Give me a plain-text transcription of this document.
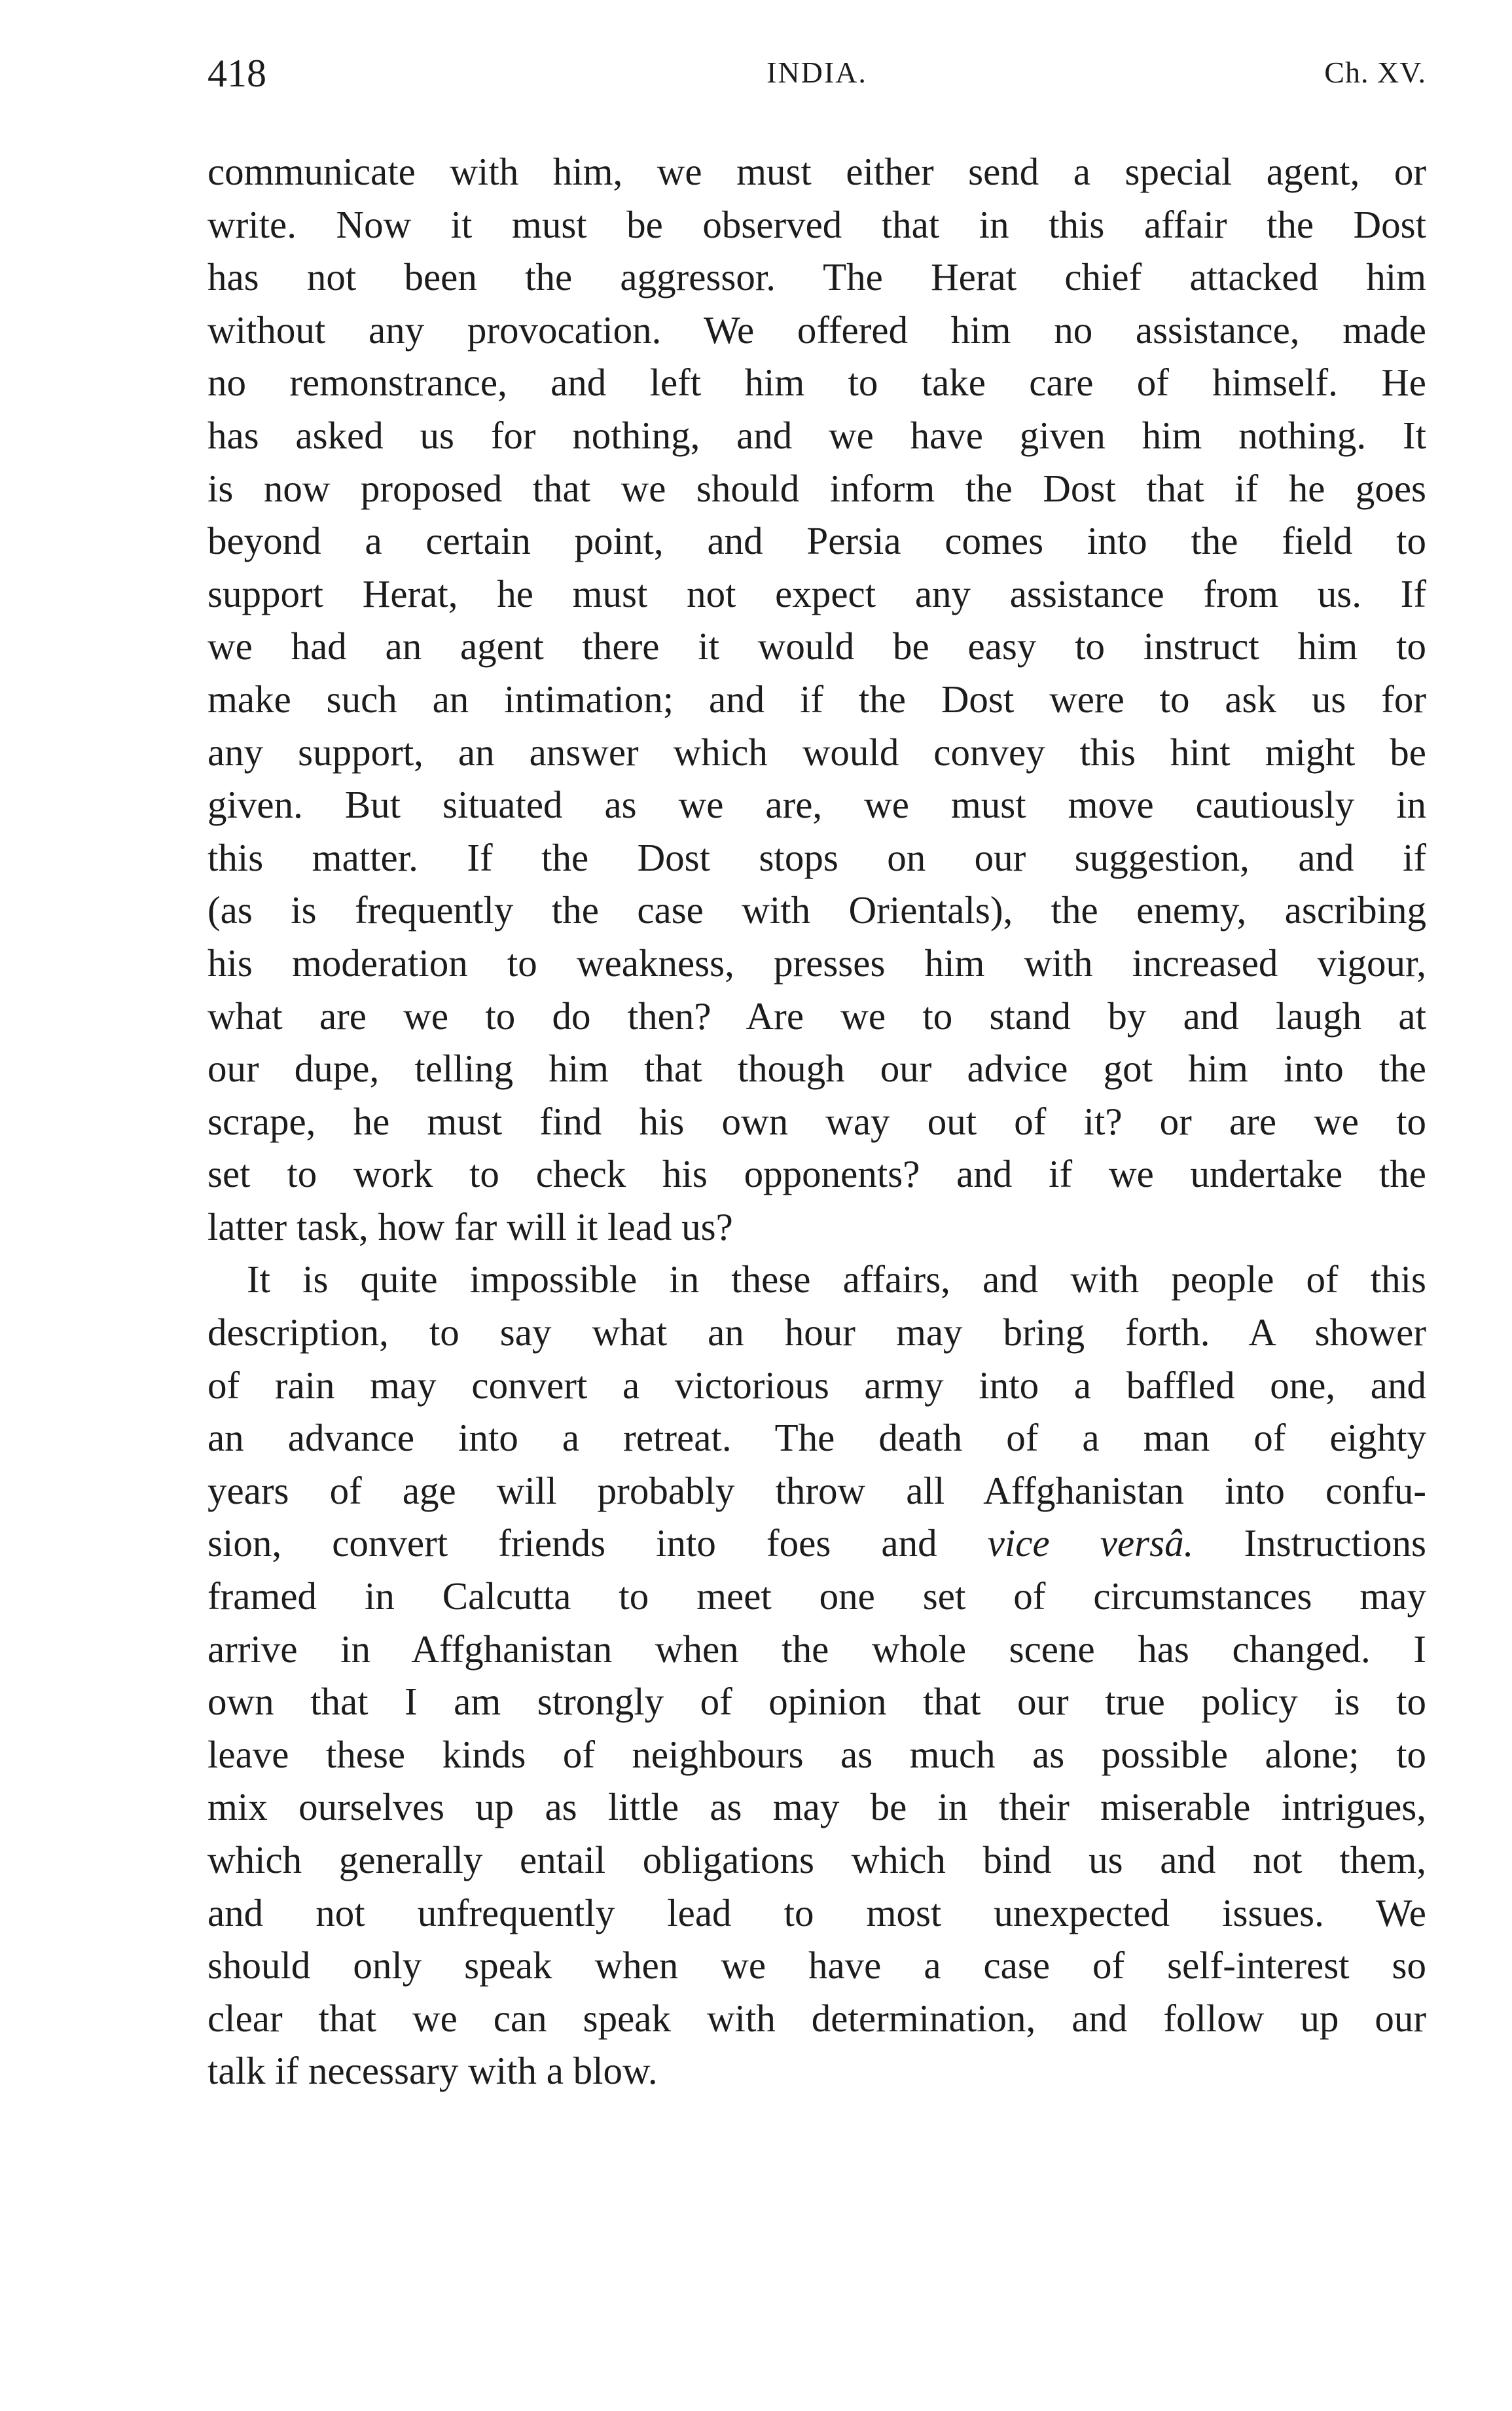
418	INDIA.	Ch. XV.
communicate with him, we must either send a special agent, or
write. Now it must be observed that in this affair the Dost
has not been the aggressor. The Herat chief attacked him
without any provocation. We offered him no assistance, made
no remonstrance, and left him to take care of himself. He
has asked us for nothing, and we have given him nothing. It
is now proposed that we should inform the Dost that if he goes
beyond a certain point, and Persia comes into the field to
support Herat, he must not expect any assistance from us. If
we had an agent there it would be easy to instruct him to
make such an intimation; and if the Dost were to ask us for
any support, an answer which would convey this hint might be
given. But situated as we are, we must move cautiously in
this matter. If the Dost stops on our suggestion, and if
(as is frequently the case with Orientals), the enemy, ascribing
his moderation to weakness, presses him with increased vigour,
what are we to do then? Are we to stand by and laugh at
our dupe, telling him that though our advice got him into the
scrape, he must find his own way out of it? or are we to
set to work to check his opponents? and if we undertake the
latter task, how far will it lead us?
It is quite impossible in these affairs, and with people of this
description, to say what an hour may bring forth. A shower
of rain may convert a victorious army into a baffled one, and
an advance into a retreat. The death of a man of eighty
years of age will probably throw all Affghanistan into confu-
sion, convert friends into foes and vice versâ. Instructions
framed in Calcutta to meet one set of circumstances may
arrive in Affghanistan when the whole scene has changed. I
own that I am strongly of opinion that our true policy is to
leave these kinds of neighbours as much as possible alone; to
mix ourselves up as little as may be in their miserable intrigues,
which generally entail obligations which bind us and not them,
and not unfrequently lead to most unexpected issues. We
should only speak when we have a case of self-interest so
clear that we can speak with determination, and follow up our
talk if necessary with a blow.
